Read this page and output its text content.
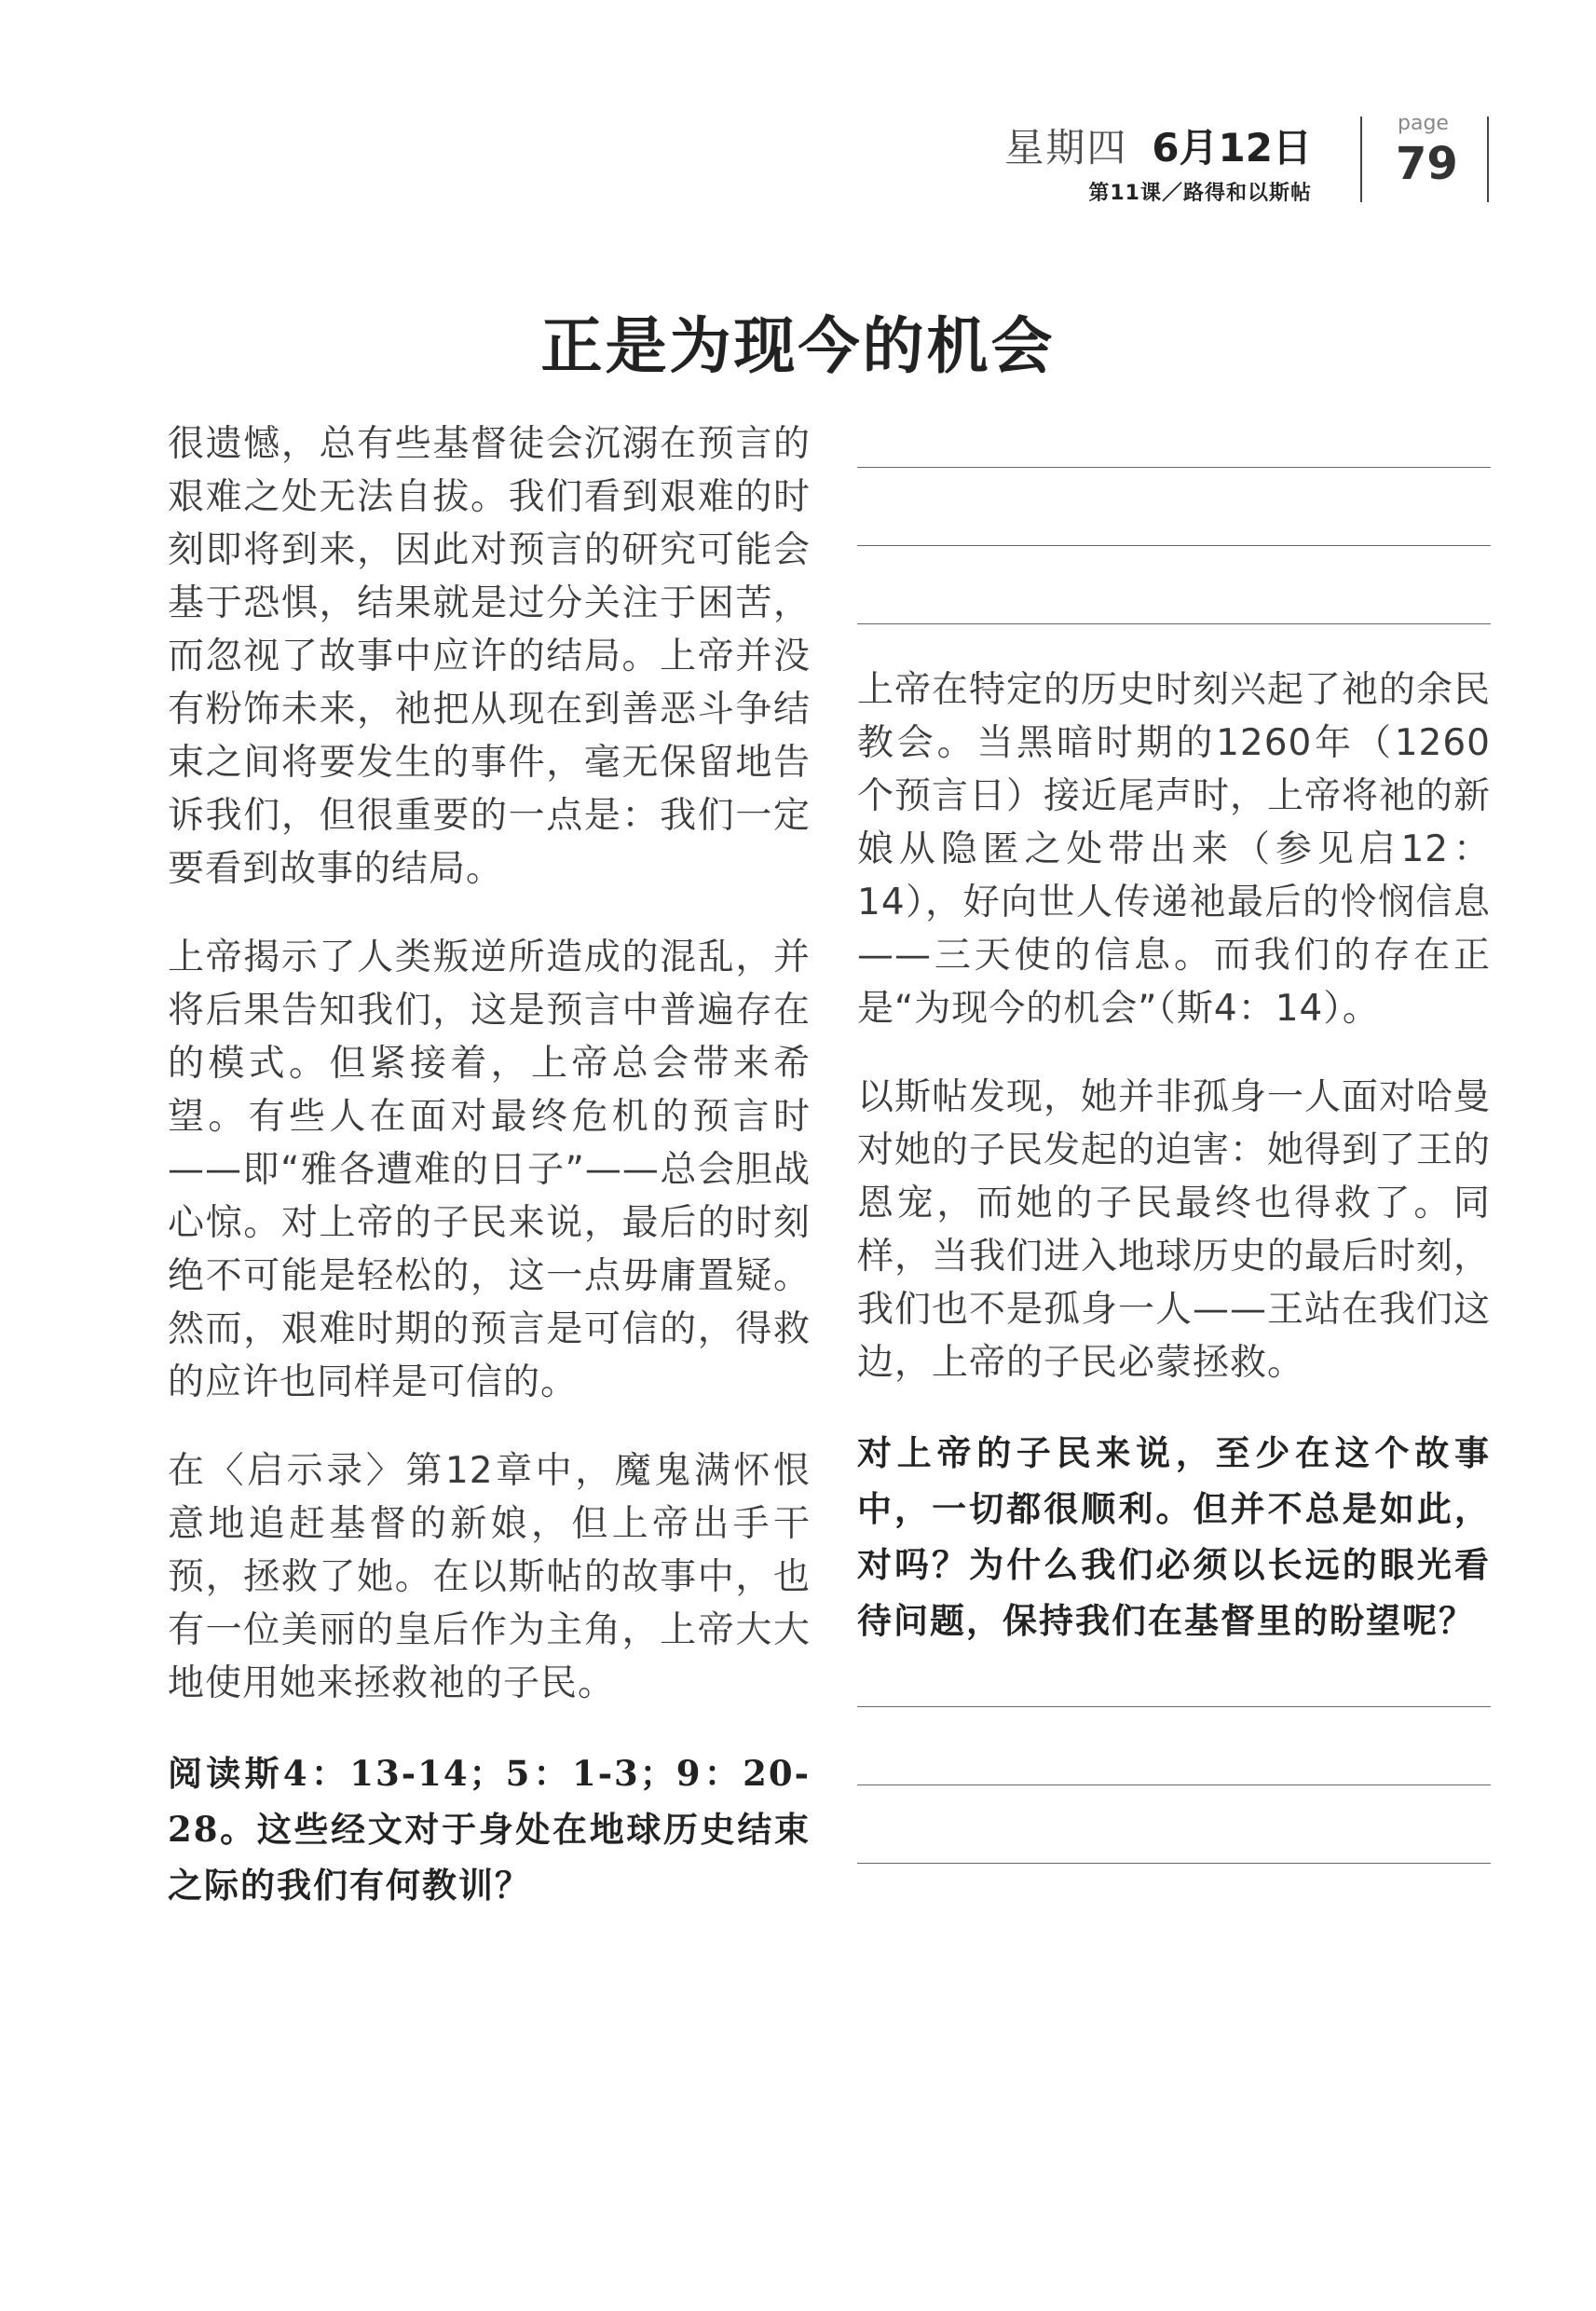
星期四 6月12日
第11课／路得和以斯帖
page
79
正是为现今的机会

很遗憾，总有些基督徒会沉溺在预言的艰难之处无法自拔。我们看到艰难的时刻即将到来，因此对预言的研究可能会基于恐惧，结果就是过分关注于困苦，而忽视了故事中应许的结局。上帝并没有粉饰未来，祂把从现在到善恶斗争结束之间将要发生的事件，毫无保留地告诉我们，但很重要的一点是：我们一定要看到故事的结局。

上帝揭示了人类叛逆所造成的混乱，并将后果告知我们，这是预言中普遍存在的模式。但紧接着，上帝总会带来希望。有些人在面对最终危机的预言时——即“雅各遭难的日子”——总会胆战心惊。对上帝的子民来说，最后的时刻绝不可能是轻松的，这一点毋庸置疑。然而，艰难时期的预言是可信的，得救的应许也同样是可信的。

在〈启示录〉第12章中，魔鬼满怀恨意地追赶基督的新娘，但上帝出手干预，拯救了她。在以斯帖的故事中，也有一位美丽的皇后作为主角，上帝大大地使用她来拯救祂的子民。

阅读斯4：13-14；5：1-3；9：20-28。这些经文对于身处在地球历史结束之际的我们有何教训？

上帝在特定的历史时刻兴起了祂的余民教会。当黑暗时期的1260年（1260个预言日）接近尾声时，上帝将祂的新娘从隐匿之处带出来（参见启12：14），好向世人传递祂最后的怜悯信息——三天使的信息。而我们的存在正是“为现今的机会”（斯4：14）。

以斯帖发现，她并非孤身一人面对哈曼对她的子民发起的迫害：她得到了王的恩宠，而她的子民最终也得救了。同样，当我们进入地球历史的最后时刻，我们也不是孤身一人——王站在我们这边，上帝的子民必蒙拯救。

对上帝的子民来说，至少在这个故事中，一切都很顺利。但并不总是如此，对吗？为什么我们必须以长远的眼光看待问题，保持我们在基督里的盼望呢？
